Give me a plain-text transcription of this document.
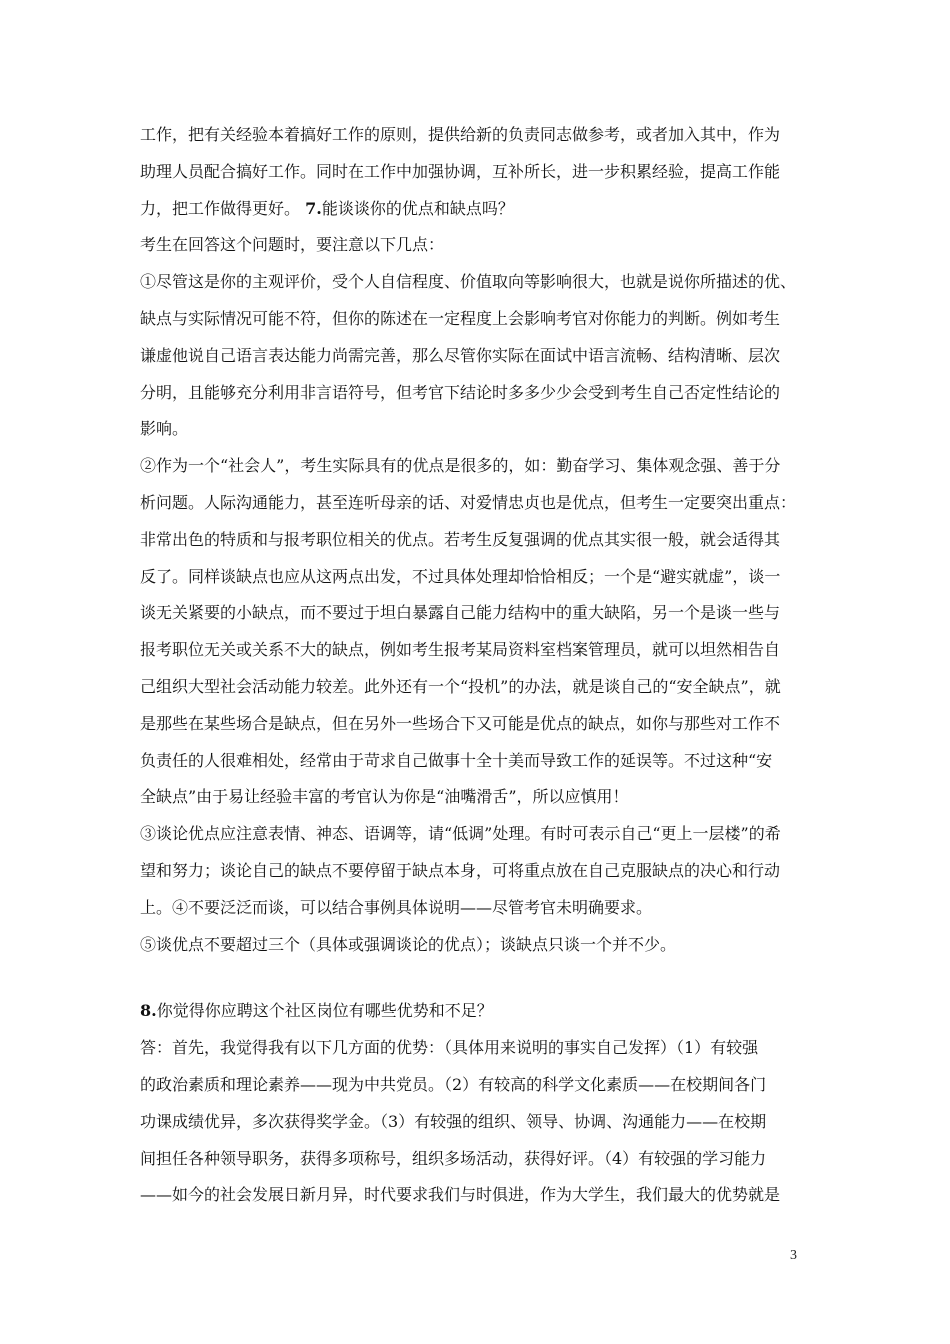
工作，把有关经验本着搞好工作的原则，提供给新的负责同志做参考，或者加入其中，作为
助理人员配合搞好工作。同时在工作中加强协调，互补所长，进一步积累经验，提高工作能
力，把工作做得更好。 7.能谈谈你的优点和缺点吗？
考生在回答这个问题时，要注意以下几点：
①尽管这是你的主观评价，受个人自信程度、价值取向等影响很大，也就是说你所描述的优、
缺点与实际情况可能不符，但你的陈述在一定程度上会影响考官对你能力的判断。例如考生
谦虚他说自己语言表达能力尚需完善，那么尽管你实际在面试中语言流畅、结构清晰、层次
分明，且能够充分利用非言语符号，但考官下结论时多多少少会受到考生自己否定性结论的
影响。
②作为一个“社会人”，考生实际具有的优点是很多的，如：勤奋学习、集体观念强、善于分
析问题。人际沟通能力，甚至连听母亲的话、对爱情忠贞也是优点，但考生一定要突出重点：
非常出色的特质和与报考职位相关的优点。若考生反复强调的优点其实很一般，就会适得其
反了。同样谈缺点也应从这两点出发，不过具体处理却恰恰相反；一个是“避实就虚”，谈一
谈无关紧要的小缺点，而不要过于坦白暴露自己能力结构中的重大缺陷，另一个是谈一些与
报考职位无关或关系不大的缺点，例如考生报考某局资料室档案管理员，就可以坦然相告自
己组织大型社会活动能力较差。此外还有一个“投机”的办法，就是谈自己的“安全缺点”，就
是那些在某些场合是缺点，但在另外一些场合下又可能是优点的缺点，如你与那些对工作不
负责任的人很难相处，经常由于苛求自己做事十全十美而导致工作的延误等。不过这种“安
全缺点”由于易让经验丰富的考官认为你是“油嘴滑舌”，所以应慎用！
③谈论优点应注意表情、神态、语调等，请“低调”处理。有时可表示自己“更上一层楼”的希
望和努力；谈论自己的缺点不要停留于缺点本身，可将重点放在自己克服缺点的决心和行动
上。④不要泛泛而谈，可以结合事例具体说明——尽管考官未明确要求。
⑤谈优点不要超过三个（具体或强调谈论的优点）；谈缺点只谈一个并不少。
8.你觉得你应聘这个社区岗位有哪些优势和不足？
答：首先，我觉得我有以下几方面的优势：（具体用来说明的事实自己发挥）（1）有较强
的政治素质和理论素养——现为中共党员。（2）有较高的科学文化素质——在校期间各门
功课成绩优异，多次获得奖学金。（3）有较强的组织、领导、协调、沟通能力——在校期
间担任各种领导职务，获得多项称号，组织多场活动，获得好评。（4）有较强的学习能力
——如今的社会发展日新月异，时代要求我们与时俱进，作为大学生，我们最大的优势就是
3
